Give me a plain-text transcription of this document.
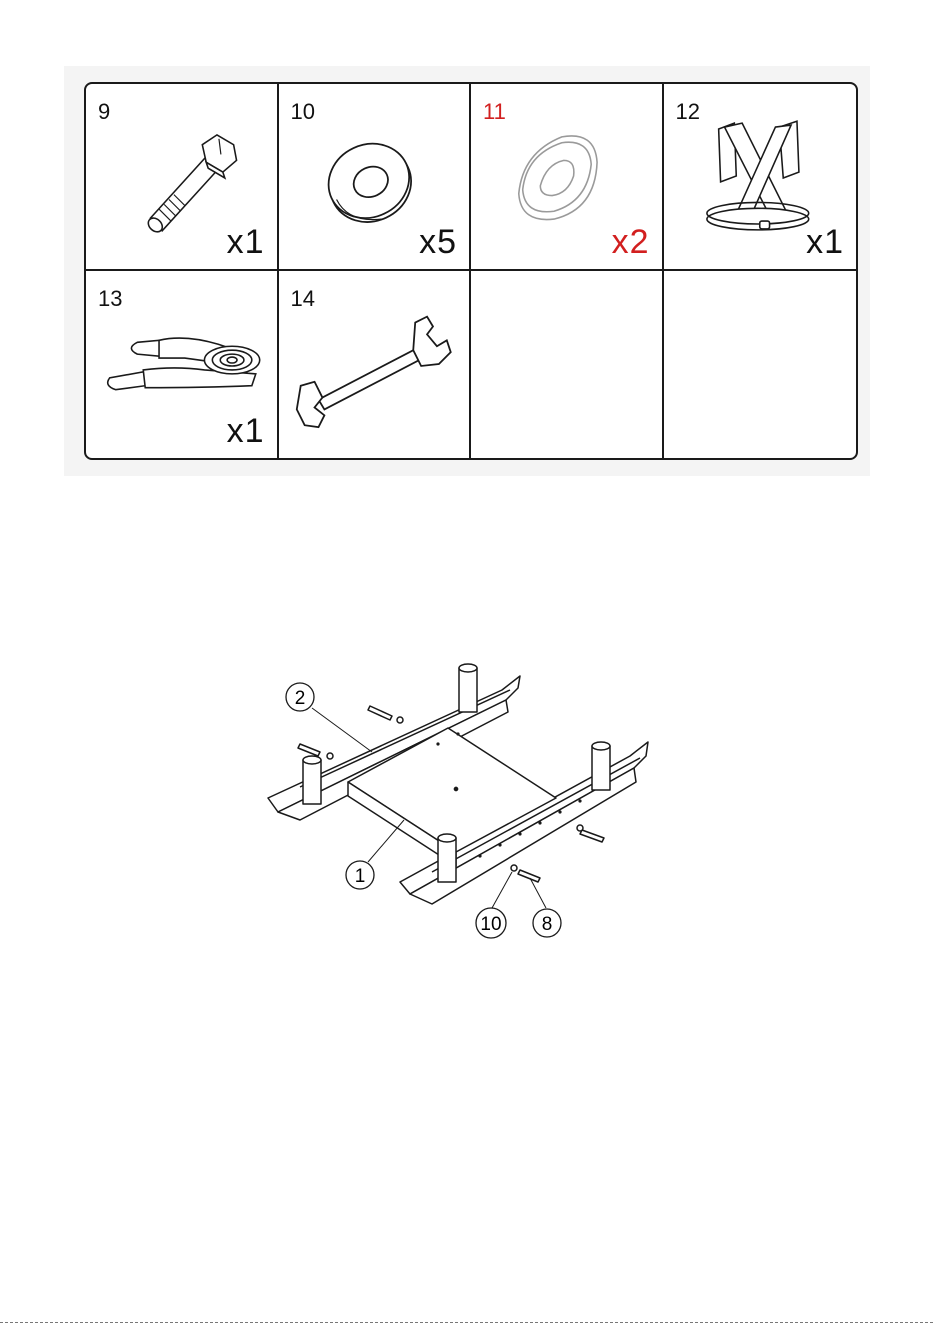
9
x1
10
x5
11
x2
12
x1
13
x1
14
2
1
10 8
